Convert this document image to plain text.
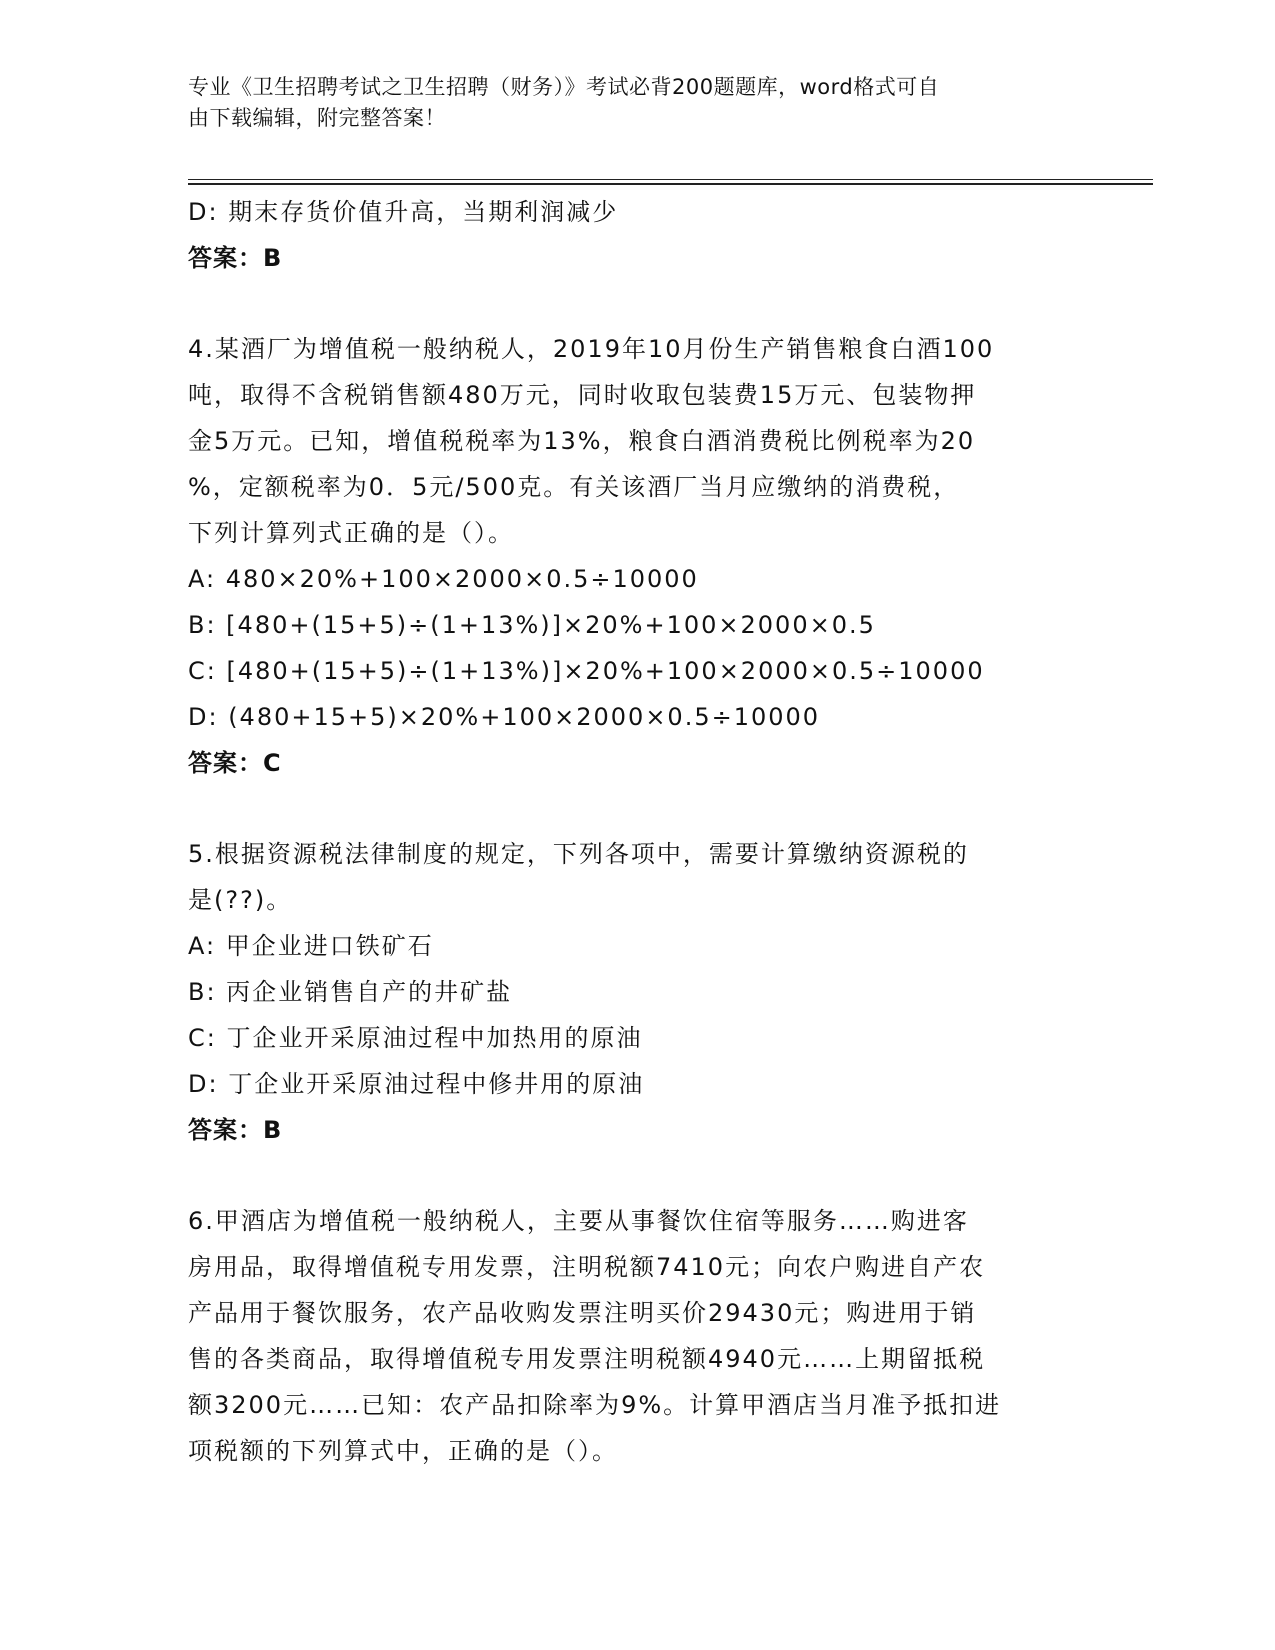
专业《卫生招聘考试之卫生招聘（财务）》考试必背200题题库，word格式可自
由下载编辑，附完整答案！
D: 期末存货价值升高，当期利润减少
答案：B
4.某酒厂为增值税一般纳税人，2019年10月份生产销售粮食白酒100
吨，取得不含税销售额480万元，同时收取包装费15万元、包装物押
金5万元。已知，增值税税率为13%，粮食白酒消费税比例税率为20
%，定额税率为0．5元/500克。有关该酒厂当月应缴纳的消费税，
下列计算列式正确的是（）。
A: 480×20%+100×2000×0.5÷10000
B: [480+(15+5)÷(1+13%)]×20%+100×2000×0.5
C: [480+(15+5)÷(1+13%)]×20%+100×2000×0.5÷10000
D: (480+15+5)×20%+100×2000×0.5÷10000
答案：C
5.根据资源税法律制度的规定，下列各项中，需要计算缴纳资源税的
是(??)。
A: 甲企业进口铁矿石
B: 丙企业销售自产的井矿盐
C: 丁企业开采原油过程中加热用的原油
D: 丁企业开采原油过程中修井用的原油
答案：B
6.甲酒店为增值税一般纳税人，主要从事餐饮住宿等服务……购进客
房用品，取得增值税专用发票，注明税额7410元；向农户购进自产农
产品用于餐饮服务，农产品收购发票注明买价29430元；购进用于销
售的各类商品，取得增值税专用发票注明税额4940元……上期留抵税
额3200元……已知：农产品扣除率为9%。计算甲酒店当月准予抵扣进
项税额的下列算式中，正确的是（）。
